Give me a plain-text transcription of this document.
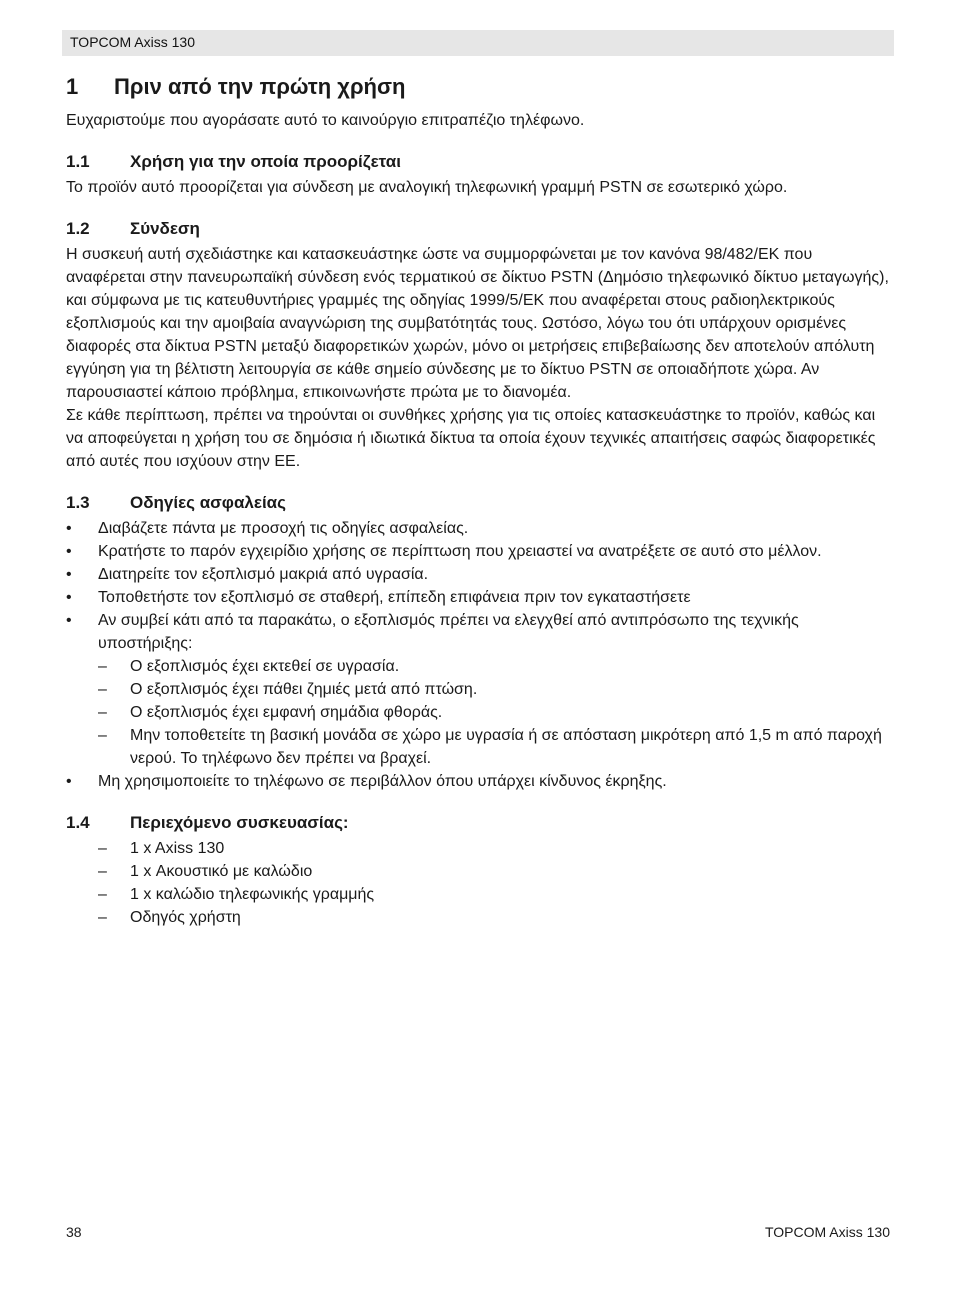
TOPCOM Axiss 130
1 Πριν από την πρώτη χρήση

Ευχαριστούμε που αγοράσατε αυτό το καινούργιο επιτραπέζιο τηλέφωνο.

1.1 Χρήση για την οποία προορίζεται

Το προϊόν αυτό προορίζεται για σύνδεση με αναλογική τηλεφωνική γραμμή PSTN σε εσωτερικό χώρο.

1.2 Σύνδεση

Η συσκευή αυτή σχεδιάστηκε και κατασκευάστηκε ώστε να συμμορφώνεται με τον κανόνα 98/482/ΕΚ που αναφέρεται στην πανευρωπαϊκή σύνδεση ενός τερματικού σε δίκτυο PSTN (Δημόσιο τηλεφωνικό δίκτυο μεταγωγής), και σύμφωνα με τις κατευθυντήριες γραμμές της οδηγίας 1999/5/ΕΚ που αναφέρεται στους ραδιοηλεκτρικούς εξοπλισμούς και την αμοιβαία αναγνώριση της συμβατότητάς τους. Ωστόσο, λόγω του ότι υπάρχουν ορισμένες διαφορές στα δίκτυα PSTN μεταξύ διαφορετικών χωρών, μόνο οι μετρήσεις επιβεβαίωσης δεν αποτελούν απόλυτη εγγύηση για τη βέλτιστη λειτουργία σε κάθε σημείο σύνδεσης με το δίκτυο PSTN σε οποιαδήποτε χώρα. Αν παρουσιαστεί κάποιο πρόβλημα, επικοινωνήστε πρώτα με το διανομέα.

Σε κάθε περίπτωση, πρέπει να τηρούνται οι συνθήκες χρήσης για τις οποίες κατασκευάστηκε το προϊόν, καθώς και να αποφεύγεται η χρήση του σε δημόσια ή ιδιωτικά δίκτυα τα οποία έχουν τεχνικές απαιτήσεις σαφώς διαφορετικές από αυτές που ισχύουν στην ΕΕ.

1.3 Οδηγίες ασφαλείας
• Διαβάζετε πάντα με προσοχή τις οδηγίες ασφαλείας.
• Κρατήστε το παρόν εγχειρίδιο χρήσης σε περίπτωση που χρειαστεί να ανατρέξετε σε αυτό στο μέλλον.
• Διατηρείτε τον εξοπλισμό μακριά από υγρασία.
• Τοποθετήστε τον εξοπλισμό σε σταθερή, επίπεδη επιφάνεια πριν τον εγκαταστήσετε
• Αν συμβεί κάτι από τα παρακάτω, ο εξοπλισμός πρέπει να ελεγχθεί από αντιπρόσωπο της τεχνικής υποστήριξης:
– Ο εξοπλισμός έχει εκτεθεί σε υγρασία.
– Ο εξοπλισμός έχει πάθει ζημιές μετά από πτώση.
– Ο εξοπλισμός έχει εμφανή σημάδια φθοράς.
– Μην τοποθετείτε τη βασική μονάδα σε χώρο με υγρασία ή σε απόσταση μικρότερη από 1,5 m από παροχή νερού. Το τηλέφωνο δεν πρέπει να βραχεί.
• Μη χρησιμοποιείτε το τηλέφωνο σε περιβάλλον όπου υπάρχει κίνδυνος έκρηξης.
1.4 Περιεχόμενο συσκευασίας:
– 1 x Axiss 130
– 1 x Ακουστικό με καλώδιο
– 1 x καλώδιο τηλεφωνικής γραμμής
– Οδηγός χρήστη
38	TOPCOM Axiss 130
